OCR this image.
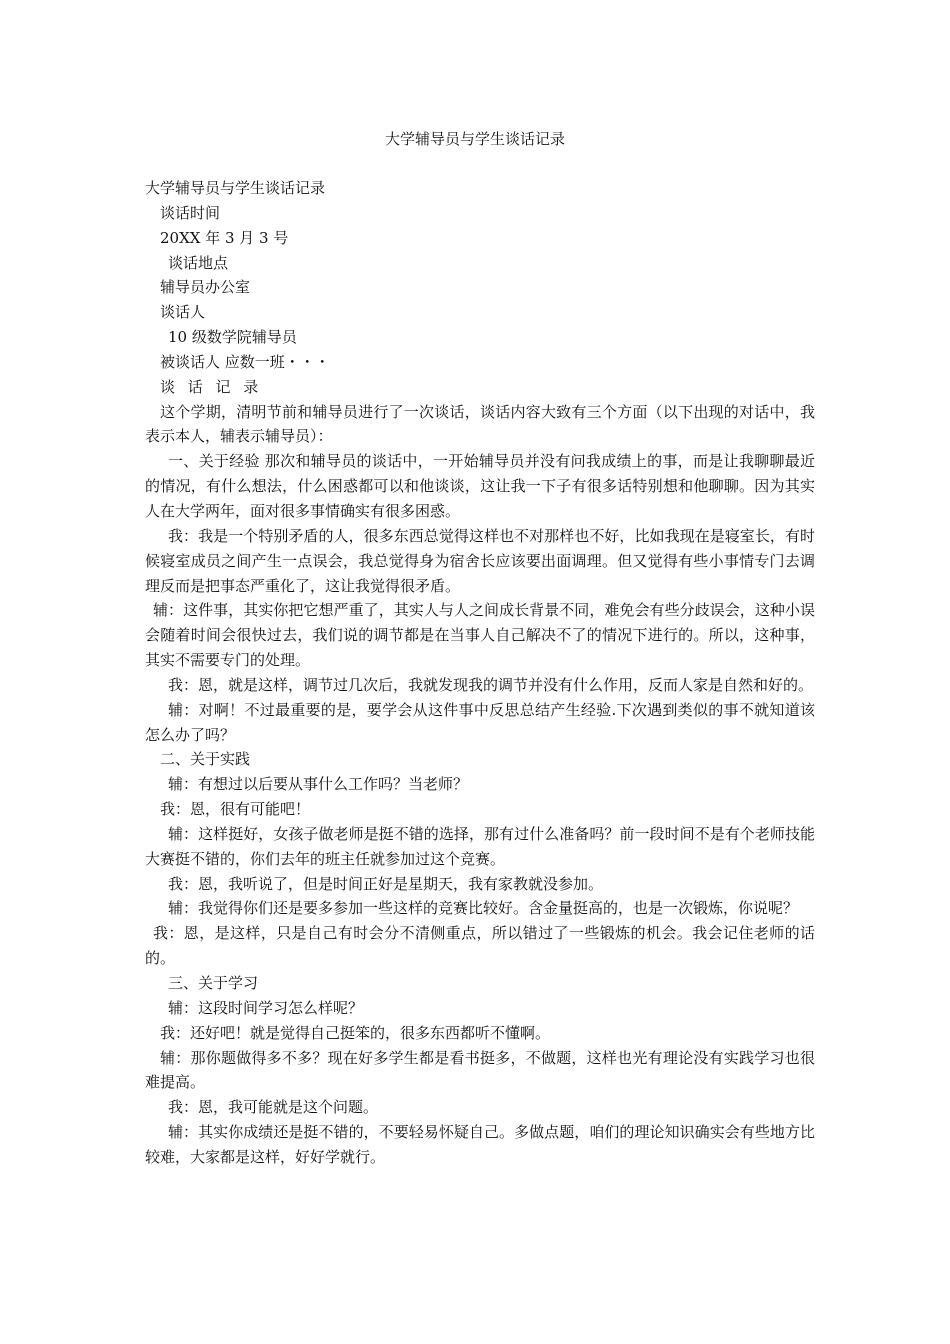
大学辅导员与学生谈话记录
大学辅导员与学生谈话记录
谈话时间
20XX 年 3 月 3 号
谈话地点
辅导员办公室
谈话人
10 级数学院辅导员
被谈话人 应数一班・・・
谈 话 记 录
这个学期，清明节前和辅导员进行了一次谈话，谈话内容大致有三个方面（以下出现的对话中，我表示本人，辅表示辅导员）：
一、关于经验 那次和辅导员的谈话中，一开始辅导员并没有问我成绩上的事，而是让我聊聊最近的情况，有什么想法，什么困惑都可以和他谈谈，这让我一下子有很多话特别想和他聊聊。因为其实人在大学两年，面对很多事情确实有很多困惑。
我：我是一个特别矛盾的人，很多东西总觉得这样也不对那样也不好，比如我现在是寝室长，有时候寝室成员之间产生一点误会，我总觉得身为宿舍长应该要出面调理。但又觉得有些小事情专门去调理反而是把事态严重化了，这让我觉得很矛盾。
辅：这件事，其实你把它想严重了，其实人与人之间成长背景不同，难免会有些分歧误会，这种小误会随着时间会很快过去，我们说的调节都是在当事人自己解决不了的情况下进行的。所以，这种事，其实不需要专门的处理。
我：恩，就是这样，调节过几次后，我就发现我的调节并没有什么作用，反而人家是自然和好的。
辅：对啊！不过最重要的是，要学会从这件事中反思总结产生经验.下次遇到类似的事不就知道该怎么办了吗？
二、关于实践
辅：有想过以后要从事什么工作吗？当老师？
我：恩，很有可能吧！
辅：这样挺好，女孩子做老师是挺不错的选择，那有过什么准备吗？前一段时间不是有个老师技能大赛挺不错的，你们去年的班主任就参加过这个竞赛。
我：恩，我听说了，但是时间正好是星期天，我有家教就没参加。
辅：我觉得你们还是要多参加一些这样的竞赛比较好。含金量挺高的，也是一次锻炼，你说呢？
我：恩，是这样，只是自己有时会分不清侧重点，所以错过了一些锻炼的机会。我会记住老师的话的。
三、关于学习
辅：这段时间学习怎么样呢？
我：还好吧！就是觉得自己挺笨的，很多东西都听不懂啊。
辅：那你题做得多不多？现在好多学生都是看书挺多，不做题，这样也光有理论没有实践学习也很难提高。
我：恩，我可能就是这个问题。
辅：其实你成绩还是挺不错的，不要轻易怀疑自己。多做点题，咱们的理论知识确实会有些地方比较难，大家都是这样，好好学就行。
